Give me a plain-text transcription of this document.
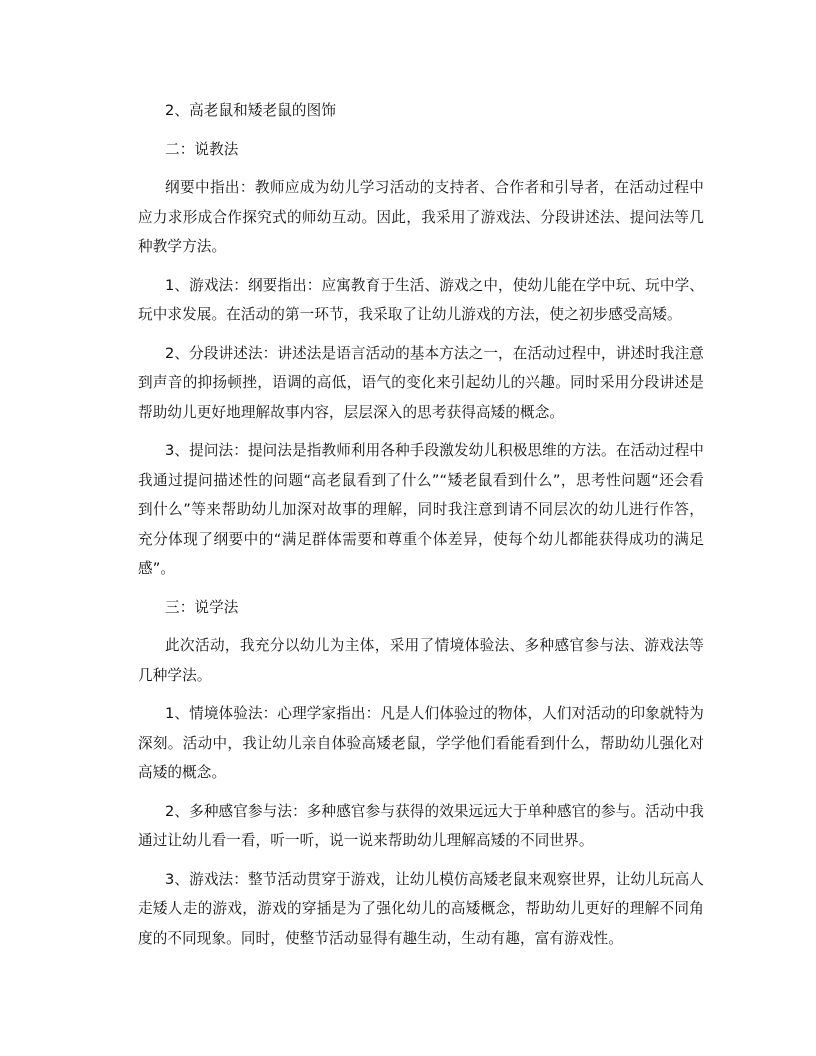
2、高老鼠和矮老鼠的图饰

二：说教法

纲要中指出：教师应成为幼儿学习活动的支持者、合作者和引导者，在活动过程中应力求形成合作探究式的师幼互动。因此，我采用了游戏法、分段讲述法、提问法等几种教学方法。

1、游戏法：纲要指出：应寓教育于生活、游戏之中，使幼儿能在学中玩、玩中学、玩中求发展。在活动的第一环节，我采取了让幼儿游戏的方法，使之初步感受高矮。

2、分段讲述法：讲述法是语言活动的基本方法之一，在活动过程中，讲述时我注意到声音的抑扬顿挫，语调的高低，语气的变化来引起幼儿的兴趣。同时采用分段讲述是帮助幼儿更好地理解故事内容，层层深入的思考获得高矮的概念。

3、提问法：提问法是指教师利用各种手段激发幼儿积极思维的方法。在活动过程中我通过提问描述性的问题“高老鼠看到了什么”“矮老鼠看到什么”，思考性问题“还会看到什么”等来帮助幼儿加深对故事的理解，同时我注意到请不同层次的幼儿进行作答，充分体现了纲要中的“满足群体需要和尊重个体差异，使每个幼儿都能获得成功的满足感”。

三：说学法

此次活动，我充分以幼儿为主体，采用了情境体验法、多种感官参与法、游戏法等几种学法。

1、情境体验法：心理学家指出：凡是人们体验过的物体，人们对活动的印象就特为深刻。活动中，我让幼儿亲自体验高矮老鼠，学学他们看能看到什么，帮助幼儿强化对高矮的概念。

2、多种感官参与法：多种感官参与获得的效果远远大于单种感官的参与。活动中我通过让幼儿看一看，听一听，说一说来帮助幼儿理解高矮的不同世界。

3、游戏法：整节活动贯穿于游戏，让幼儿模仿高矮老鼠来观察世界，让幼儿玩高人走矮人走的游戏，游戏的穿插是为了强化幼儿的高矮概念，帮助幼儿更好的理解不同角度的不同现象。同时，使整节活动显得有趣生动，生动有趣，富有游戏性。
